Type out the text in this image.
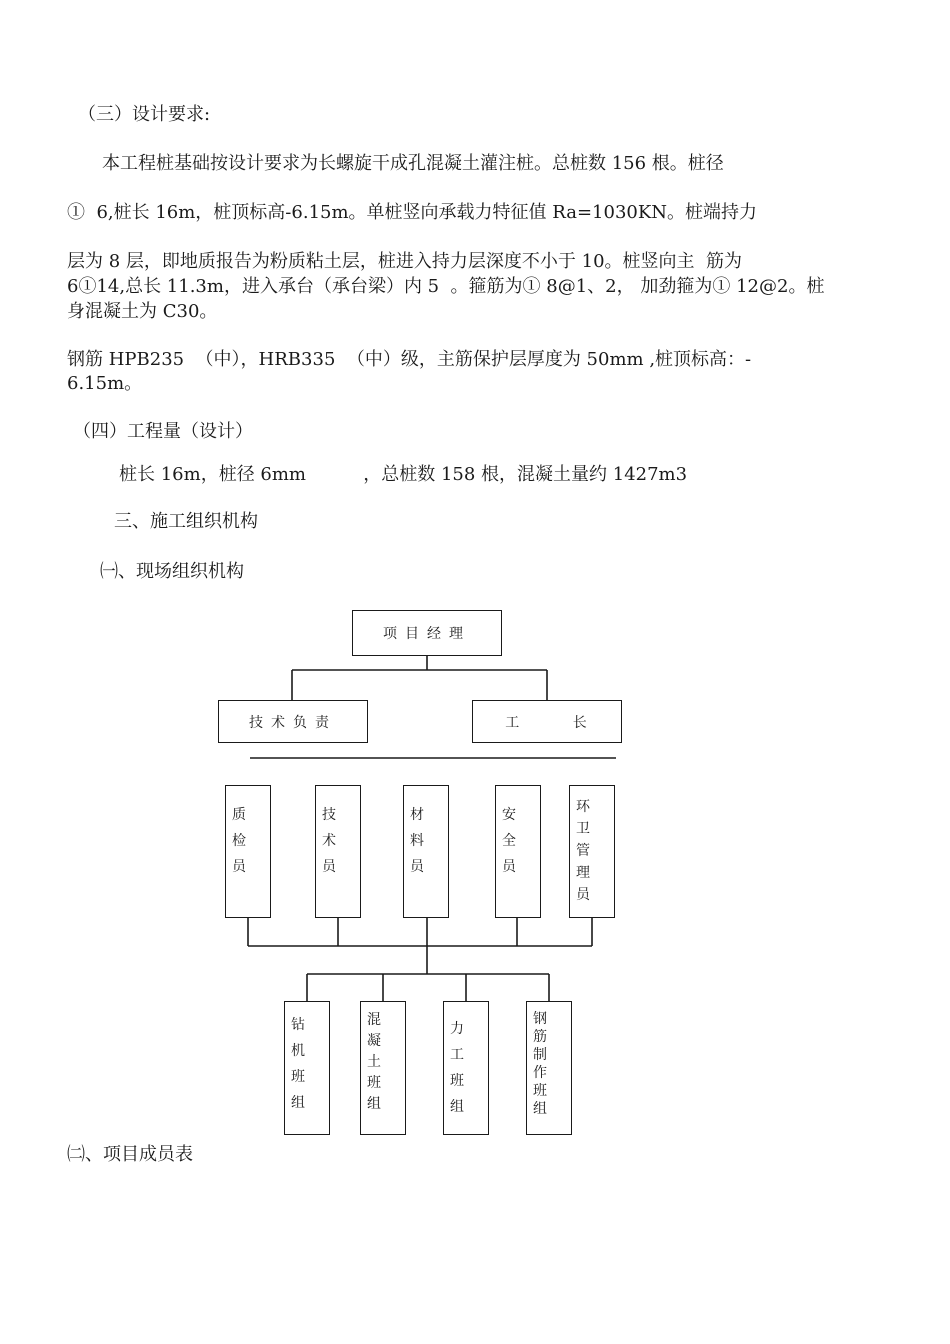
（三）设计要求:

本工程桩基础按设计要求为长螺旋干成孔混凝土灌注桩。总桩数 156 根。桩径

①  6,桩长 16m，桩顶标高-6.15m。单桩竖向承载力特征值 Ra=1030KN。桩端持力

层为 8 层，即地质报告为粉质粘土层，桩进入持力层深度不小于 10。桩竖向主  筋为

6①14,总长 11.3m，进入承台（承台梁）内 5  。箍筋为① 8@1、2， 加劲箍为① 12@2。桩

身混凝土为 C30。

钢筋 HPB235  （中），HRB335  （中）级，主筋保护层厚度为 50mm ,桩顶标高：-

6.15m。

（四）工程量（设计）

桩长 16m，桩径 6mm          ，总桩数 158 根，混凝土量约 1427m3

三、施工组织机构

㈠、现场组织机构

项目经理
技术负责	工        长
质检员
技术员
材料员
安全员
环卫管理员
钻机班组
混凝土班组
力工班组
钢筋制作班组

㈡、项目成员表
